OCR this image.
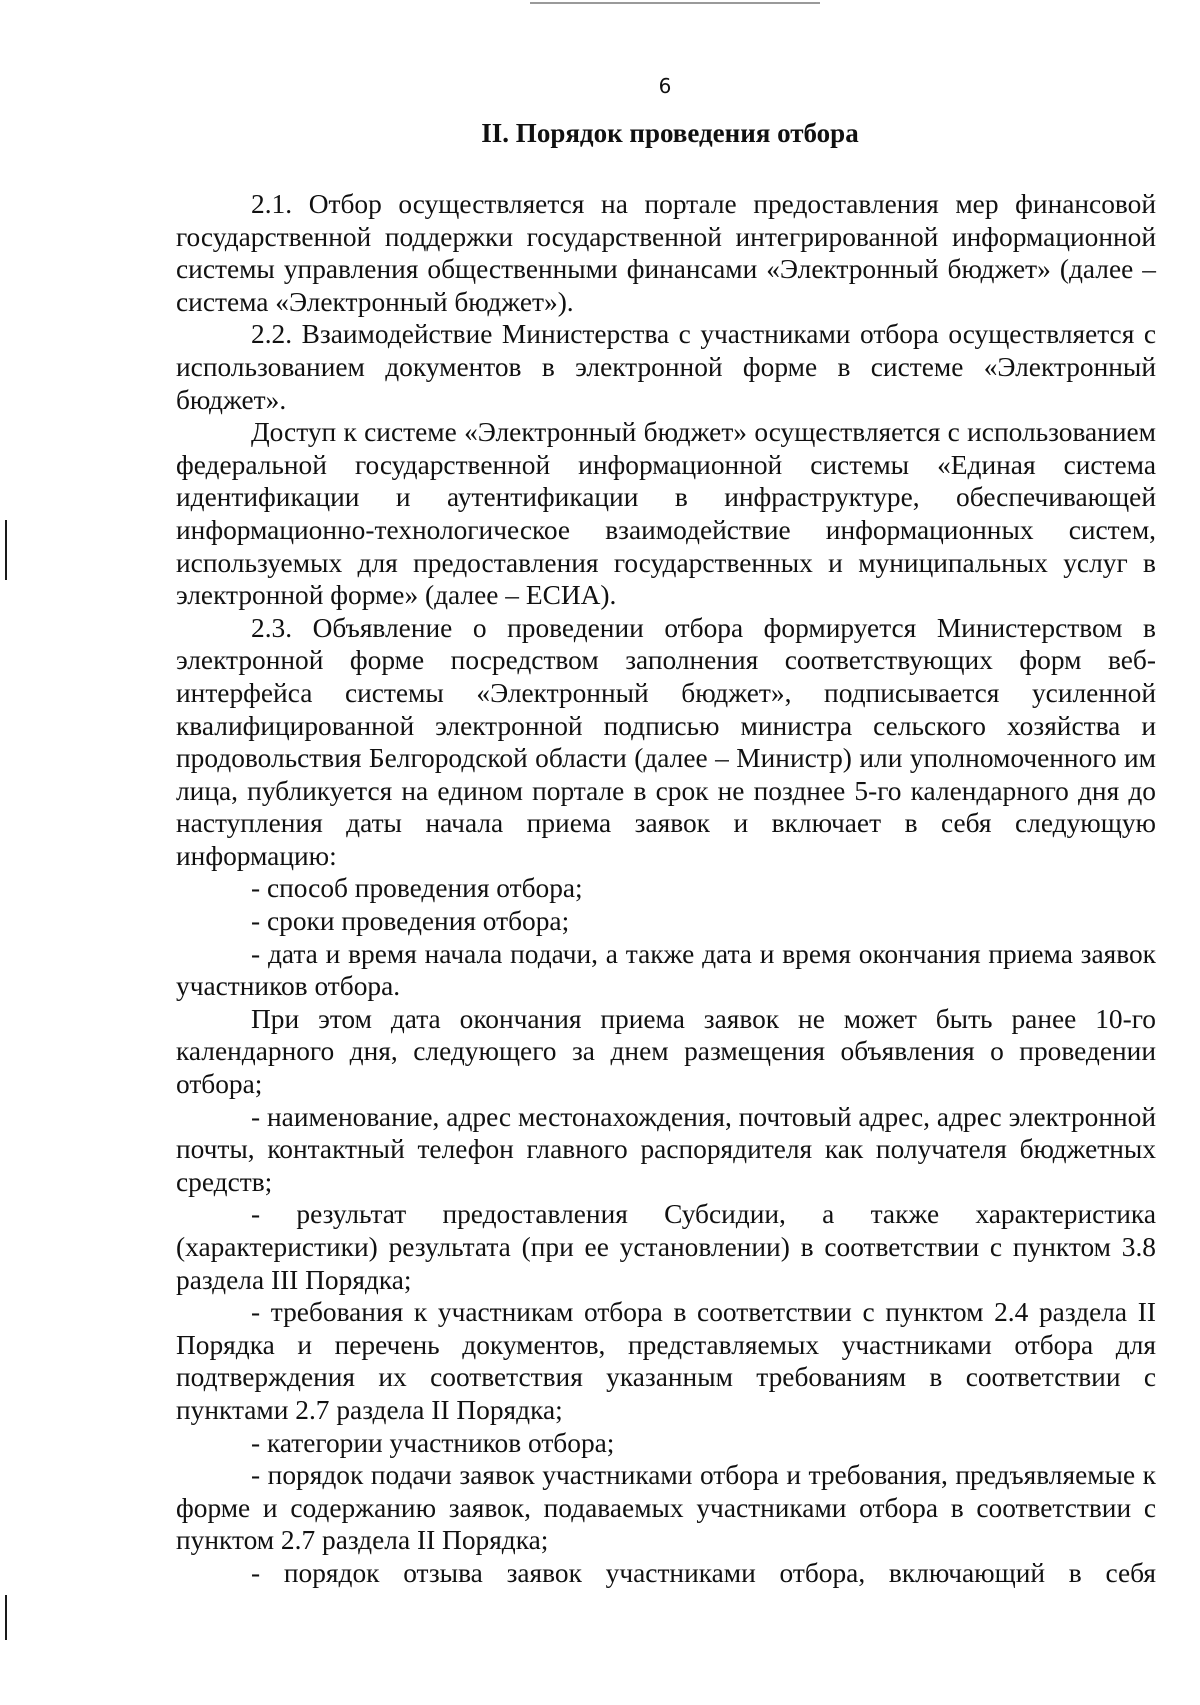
6
II. Порядок проведения отбора

2.1. Отбор осуществляется на портале предоставления мер финансовой государственной поддержки государственной интегрированной информационной системы управления общественными финансами «Электронный бюджет» (далее – система «Электронный бюджет»).

2.2. Взаимодействие Министерства с участниками отбора осуществляется с использованием документов в электронной форме в системе «Электронный бюджет».

Доступ к системе «Электронный бюджет» осуществляется с использованием федеральной государственной информационной системы «Единая система идентификации и аутентификации в инфраструктуре, обеспечивающей информационно-технологическое взаимодействие информационных систем, используемых для предоставления государственных и муниципальных услуг в электронной форме» (далее – ЕСИА).

2.3. Объявление о проведении отбора формируется Министерством в электронной форме посредством заполнения соответствующих форм веб-интерфейса системы «Электронный бюджет», подписывается усиленной квалифицированной электронной подписью министра сельского хозяйства и продовольствия Белгородской области (далее – Министр) или уполномоченного им лица, публикуется на едином портале в срок не позднее 5-го календарного дня до наступления даты начала приема заявок и включает в себя следующую информацию:

- способ проведения отбора;

- сроки проведения отбора;

- дата и время начала подачи, а также дата и время окончания приема заявок участников отбора.

При этом дата окончания приема заявок не может быть ранее 10-го календарного дня, следующего за днем размещения объявления о проведении отбора;

- наименование, адрес местонахождения, почтовый адрес, адрес электронной почты, контактный телефон главного распорядителя как получателя бюджетных средств;

- результат предоставления Субсидии, а также характеристика (характеристики) результата (при ее установлении) в соответствии с пунктом 3.8 раздела III Порядка;

- требования к участникам отбора в соответствии с пунктом 2.4 раздела II Порядка и перечень документов, представляемых участниками отбора для подтверждения их соответствия указанным требованиям в соответствии с пунктами 2.7 раздела II Порядка;

- категории участников отбора;

- порядок подачи заявок участниками отбора и требования, предъявляемые к форме и содержанию заявок, подаваемых участниками отбора в соответствии с пунктом 2.7 раздела II Порядка;

- порядок отзыва заявок участниками отбора, включающий в себя
